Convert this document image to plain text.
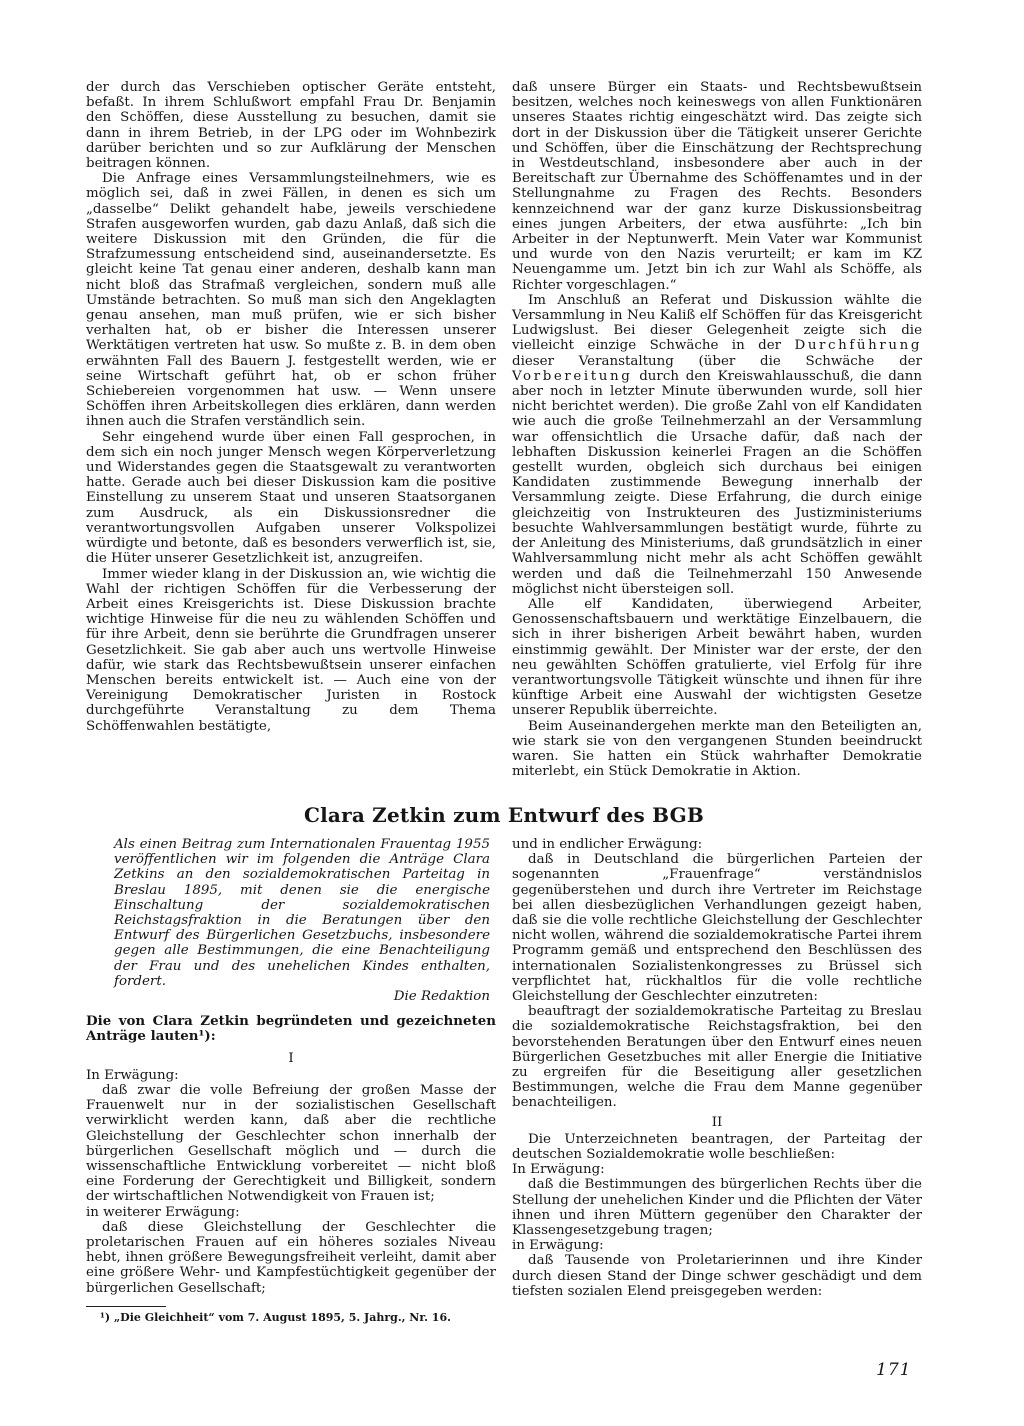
der durch das Verschieben optischer Geräte entsteht, befaßt. In ihrem Schlußwort empfahl Frau Dr. Benjamin den Schöffen, diese Ausstellung zu besuchen, damit sie dann in ihrem Betrieb, in der LPG oder im Wohnbezirk darüber berichten und so zur Aufklärung der Menschen beitragen können.

Die Anfrage eines Versammlungsteilnehmers, wie es möglich sei, daß in zwei Fällen, in denen es sich um „dasselbe“ Delikt gehandelt habe, jeweils verschiedene Strafen ausgeworfen wurden, gab dazu Anlaß, daß sich die weitere Diskussion mit den Gründen, die für die Strafzumessung entscheidend sind, auseinandersetzte. Es gleicht keine Tat genau einer anderen, deshalb kann man nicht bloß das Strafmaß vergleichen, sondern muß alle Umstände betrachten. So muß man sich den Angeklagten genau ansehen, man muß prüfen, wie er sich bisher verhalten hat, ob er bisher die Interessen unserer Werktätigen vertreten hat usw. So mußte z. B. in dem oben erwähnten Fall des Bauern J. festgestellt werden, wie er seine Wirtschaft geführt hat, ob er schon früher Schiebereien vorgenommen hat usw. — Wenn unsere Schöffen ihren Arbeitskollegen dies erklären, dann werden ihnen auch die Strafen verständlich sein.

Sehr eingehend wurde über einen Fall gesprochen, in dem sich ein noch junger Mensch wegen Körperverletzung und Widerstandes gegen die Staatsgewalt zu verantworten hatte. Gerade auch bei dieser Diskussion kam die positive Einstellung zu unserem Staat und unseren Staatsorganen zum Ausdruck, als ein Diskussionsredner die verantwortungsvollen Aufgaben unserer Volkspolizei würdigte und betonte, daß es besonders verwerflich ist, sie, die Hüter unserer Gesetzlichkeit ist, anzugreifen.

Immer wieder klang in der Diskussion an, wie wichtig die Wahl der richtigen Schöffen für die Verbesserung der Arbeit eines Kreisgerichts ist. Diese Diskussion brachte wichtige Hinweise für die neu zu wählenden Schöffen und für ihre Arbeit, denn sie berührte die Grundfragen unserer Gesetzlichkeit. Sie gab aber auch uns wertvolle Hinweise dafür, wie stark das Rechtsbewußtsein unserer einfachen Menschen bereits entwickelt ist. — Auch eine von der Vereinigung Demokratischer Juristen in Rostock durchgeführte Veranstaltung zu dem Thema Schöffenwahlen bestätigte,

daß unsere Bürger ein Staats- und Rechtsbewußtsein besitzen, welches noch keineswegs von allen Funktionären unseres Staates richtig eingeschätzt wird. Das zeigte sich dort in der Diskussion über die Tätigkeit unserer Gerichte und Schöffen, über die Einschätzung der Rechtsprechung in Westdeutschland, insbesondere aber auch in der Bereitschaft zur Übernahme des Schöffenamtes und in der Stellungnahme zu Fragen des Rechts. Besonders kennzeichnend war der ganz kurze Diskussionsbeitrag eines jungen Arbeiters, der etwa ausführte: „Ich bin Arbeiter in der Neptunwerft. Mein Vater war Kommunist und wurde von den Nazis verurteilt; er kam im KZ Neuengamme um. Jetzt bin ich zur Wahl als Schöffe, als Richter vorgeschlagen.“

Im Anschluß an Referat und Diskussion wählte die Versammlung in Neu Kaliß elf Schöffen für das Kreisgericht Ludwigslust. Bei dieser Gelegenheit zeigte sich die vielleicht einzige Schwäche in der Durchführung dieser Veranstaltung (über die Schwäche der Vorbereitung durch den Kreiswahlausschuß, die dann aber noch in letzter Minute überwunden wurde, soll hier nicht berichtet werden). Die große Zahl von elf Kandidaten wie auch die große Teilnehmerzahl an der Versammlung war offensichtlich die Ursache dafür, daß nach der lebhaften Diskussion keinerlei Fragen an die Schöffen gestellt wurden, obgleich sich durchaus bei einigen Kandidaten zustimmende Bewegung innerhalb der Versammlung zeigte. Diese Erfahrung, die durch einige gleichzeitig von Instrukteuren des Justizministeriums besuchte Wahlversammlungen bestätigt wurde, führte zu der Anleitung des Ministeriums, daß grundsätzlich in einer Wahlversammlung nicht mehr als acht Schöffen gewählt werden und daß die Teilnehmerzahl 150 Anwesende möglichst nicht übersteigen soll.

Alle elf Kandidaten, überwiegend Arbeiter, Genossenschaftsbauern und werktätige Einzelbauern, die sich in ihrer bisherigen Arbeit bewährt haben, wurden einstimmig gewählt. Der Minister war der erste, der den neu gewählten Schöffen gratulierte, viel Erfolg für ihre verantwortungsvolle Tätigkeit wünschte und ihnen für ihre künftige Arbeit eine Auswahl der wichtigsten Gesetze unserer Republik überreichte.

Beim Auseinandergehen merkte man den Beteiligten an, wie stark sie von den vergangenen Stunden beeindruckt waren. Sie hatten ein Stück wahrhafter Demokratie miterlebt, ein Stück Demokratie in Aktion.

Clara Zetkin zum Entwurf des BGB

Als einen Beitrag zum Internationalen Frauentag 1955 veröffentlichen wir im folgenden die Anträge Clara Zetkins an den sozialdemokratischen Parteitag in Breslau 1895, mit denen sie die energische Einschaltung der sozialdemokratischen Reichstagsfraktion in die Beratungen über den Entwurf des Bürgerlichen Gesetzbuchs, insbesondere gegen alle Bestimmungen, die eine Benachteiligung der Frau und des unehelichen Kindes enthalten, fordert.

Die Redaktion

Die von Clara Zetkin begründeten und gezeichneten Anträge lauten¹):

I

In Erwägung:

daß zwar die volle Befreiung der großen Masse der Frauenwelt nur in der sozialistischen Gesellschaft verwirklicht werden kann, daß aber die rechtliche Gleichstellung der Geschlechter schon innerhalb der bürgerlichen Gesellschaft möglich und — durch die wissenschaftliche Entwicklung vorbereitet — nicht bloß eine Forderung der Gerechtigkeit und Billigkeit, sondern der wirtschaftlichen Notwendigkeit von Frauen ist;

in weiterer Erwägung:

daß diese Gleichstellung der Geschlechter die proletarischen Frauen auf ein höheres soziales Niveau hebt, ihnen größere Bewegungsfreiheit verleiht, damit aber eine größere Wehr- und Kampfestüchtigkeit gegenüber der bürgerlichen Gesellschaft;

¹) „Die Gleichheit“ vom 7. August 1895, 5. Jahrg., Nr. 16.

und in endlicher Erwägung:

daß in Deutschland die bürgerlichen Parteien der sogenannten „Frauenfrage“ verständnislos gegenüberstehen und durch ihre Vertreter im Reichstage bei allen diesbezüglichen Verhandlungen gezeigt haben, daß sie die volle rechtliche Gleichstellung der Geschlechter nicht wollen, während die sozialdemokratische Partei ihrem Programm gemäß und entsprechend den Beschlüssen des internationalen Sozialistenkongresses zu Brüssel sich verpflichtet hat, rückhaltlos für die volle rechtliche Gleichstellung der Geschlechter einzutreten:

beauftragt der sozialdemokratische Parteitag zu Breslau die sozialdemokratische Reichstagsfraktion, bei den bevorstehenden Beratungen über den Entwurf eines neuen Bürgerlichen Gesetzbuches mit aller Energie die Initiative zu ergreifen für die Beseitigung aller gesetzlichen Bestimmungen, welche die Frau dem Manne gegenüber benachteiligen.

II

Die Unterzeichneten beantragen, der Parteitag der deutschen Sozialdemokratie wolle beschließen:

In Erwägung:

daß die Bestimmungen des bürgerlichen Rechts über die Stellung der unehelichen Kinder und die Pflichten der Väter ihnen und ihren Müttern gegenüber den Charakter der Klassengesetzgebung tragen;

in Erwägung:

daß Tausende von Proletarierinnen und ihre Kinder durch diesen Stand der Dinge schwer geschädigt und dem tiefsten sozialen Elend preisgegeben werden:

171
